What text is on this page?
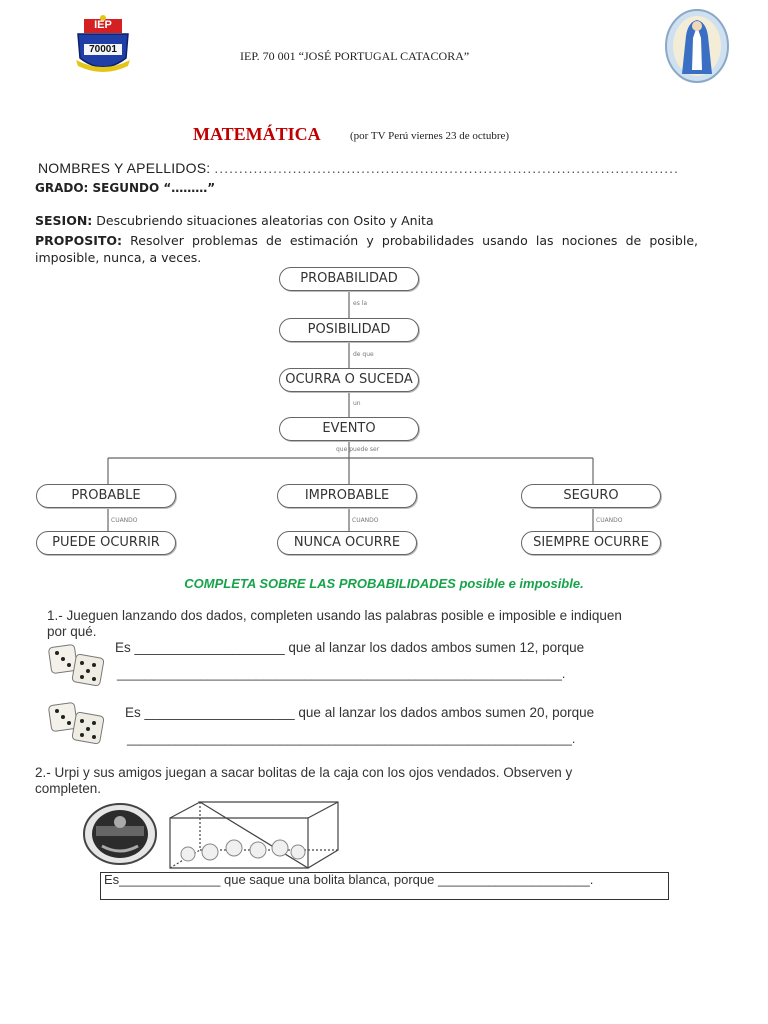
IEP
70001	IEP. 70 001 “JOSÉ PORTUGAL CATACORA”
MATEMÁTICA	(por TV Perú viernes 23 de octubre)
NOMBRES Y APELLIDOS: ...............................................................................................
GRADO: SEGUNDO “………”
SESION: Descubriendo situaciones aleatorias con Osito y Anita
PROPOSITO: Resolver problemas de estimación y probabilidades usando las nociones de posible, imposible, nunca, a veces.
PROBABILIDAD
es la
POSIBILIDAD
de que
OCURRA O SUCEDA
un
EVENTO
que puede ser
PROBABLE	IMPROBABLE	SEGURO
CUANDO	CUANDO	CUANDO
PUEDE OCURRIR	NUNCA OCURRE	SIEMPRE OCURRE
COMPLETA SOBRE LAS PROBABILIDADES posible e imposible.
1.- Jueguen lanzando dos dados, completen usando las palabras posible e imposible e indiquen
por qué.
Es ____________________ que al lanzar los dados ambos sumen 12, porque
________________________________________________________________.
Es ____________________ que al lanzar los dados ambos sumen 20, porque
________________________________________________________________.
2.- Urpi y sus amigos juegan a sacar bolitas de la caja con los ojos vendados. Observen y
completen.
Es______________ que saque una bolita blanca, porque _____________________.
